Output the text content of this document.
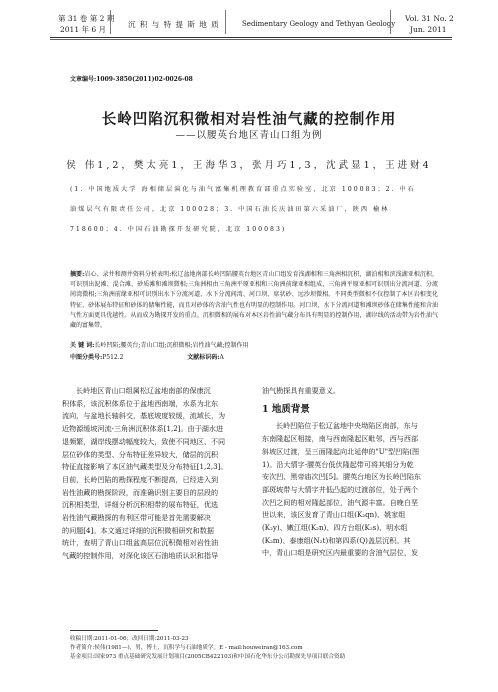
第 31 卷 第 2 期
2011 年 6 月
沉 积 与 特 提 斯 地 质	Sedimentary Geology and Tethyan Geology
Vol. 31 No. 2
Jun. 2011
文章编号:1009-3850(2011)02-0026-08
长岭凹陷沉积微相对岩性油气藏的控制作用
——以腰英台地区青山口组为例
侯 伟1,2，樊太亮1，王海华3，张月巧1,3，沈武显1，王进财4
(1. 中国地质大学 海相储层演化与油气富集机理教育部重点实验室，北京 100083；2. 中石
油煤层气有限责任公司，北京 100028；3. 中国石油长庆油田第六采油厂，陕西 榆林
718600；4. 中国石油勘探开发研究院，北京 100083)
摘要:岩心、录井和测井资料分析表明:松辽盆地南部长岭凹陷腰英台地区青山口组发育浅湖相和三角洲相沉积，湖泊相和滨浅湖亚相沉积，可识别出泥滩、混合滩、砂质滩和滩坝微相;三角洲相由三角洲平原亚相和三角洲前缘亚相组成，三角洲平原亚相可识别出分流河道、分流间湾微相;三角洲前缘亚相可识别出水下分流河道、水下分流间湾、河口坝、席状砂、远沙坝微相。不同类型微相不仅控制了本区岩相变化特征、砂体展布特征和砂体的储集性能，而且对砂体的含油气性也有明显的控制作用。河口坝、水下分流河道和滩坝砂体在储集性能和含油气性方面更具优越性。从而成为勘探开发的重点。沉积微相的展布对本区岩性油气藏分布具有明显的控制作用，湖岸线的活动带为岩性油气藏的富集带。
关 键 词:长岭凹陷;腰英台;青山口组;沉积微相;岩性油气藏;控制作用
中图分类号:P512.2	文献标识码:A
长岭地区青山口组属松辽盆地南部的保康沉
积体系，该沉积体系位于盆地西南端，水系为北东
流向，与盆地长轴斜交，基底坡度较缓，流域长，为
近物源缓坡河流-三角洲沉积体系[1,2]。由于湖水进
退频繁，湖岸线摆动幅度较大，致使不同地区、不同
层位砂体的类型、分布特征差异较大，储层的沉积
特征直接影响了本区油气藏类型及分布特征[1,2,3]。
目前，长岭凹陷的勘探程度不断提高，已经进入到
岩性油藏的勘探阶段，而准确识别主要目的层段的
沉积相类型，详细分析沉积相带的展布特征，优选
岩性油气藏勘探的有利区带可能是首先需要解决
的问题[4]。本文通过详细的沉积微相研究和数据
统计，查明了青山口组盆高层位沉积微相对岩性油
气藏的控制作用，对深化该区石油地质认识和指导
油气勘探具有重要意义。
1 地质背景
长岭凹陷位于松辽盆地中央坳陷区南部，东与
东南隆起区相接，南与西南隆起区毗邻，西与西部
斜坡区过渡，呈三面隆起向北延伸的"U"型凹陷(图
1)。沿大情字-腰英台低伏隆起带可将其细分为乾
安次凹、黑帝庙次凹[5]。腰英台地区为长岭凹陷东
部斑坡带与大情字井低凸起的过渡部位，处于两个
次凹之间的相对隆起部位，油气源丰富。自晚白垩
世以来，该区发育了青山口组(K₂qn)、姚家组
(K₂y)、嫩江组(K₂n)、四方台组(K₂s)、明水组
(K₂m)、泰康组(N₂t)和第四系(Q)盖层沉积。其
中，青山口组是研究区内最重要的含油气层位，发
收稿日期:2011-01-06；改回日期:2011-03-23
作者简介:侯伟(1981—)，男，博士，沉积学与石油地质学。E - mail:houweiran@163.com
基金项目:国家973 重点基础研究发展计划项目(2005CB422103)和中国石化华东分公司勘探先导项目联合资助
